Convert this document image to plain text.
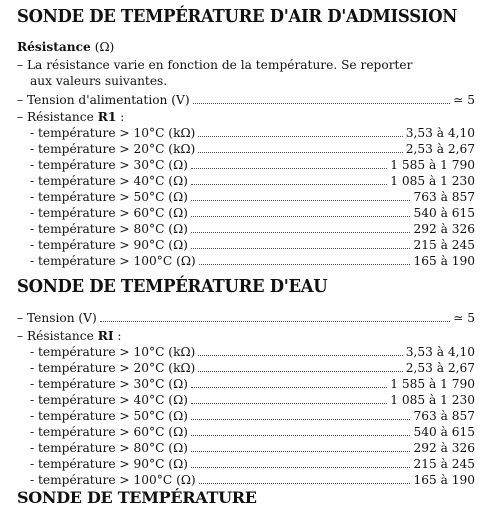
SONDE DE TEMPÉRATURE D'AIR D'ADMISSION
Résistance (Ω)
– La résistance varie en fonction de la température. Se reporter
aux valeurs suivantes.
– Tension d'alimentation (V)	≃ 5
– Résistance R1 :
- température > 10°C (kΩ)	3,53 à 4,10
- température > 20°C (kΩ)	2,53 à 2,67
- température > 30°C (Ω)	1 585 à 1 790
- température > 40°C (Ω)	1 085 à 1 230
- température > 50°C (Ω)	763 à 857
- température > 60°C (Ω)	540 à 615
- température > 80°C (Ω)	292 à 326
- température > 90°C (Ω)	215 à 245
- température > 100°C (Ω)	165 à 190
SONDE DE TEMPÉRATURE D'EAU
– Tension (V)	≃ 5
– Résistance RI :
- température > 10°C (kΩ)	3,53 à 4,10
- température > 20°C (kΩ)	2,53 à 2,67
- température > 30°C (Ω)	1 585 à 1 790
- température > 40°C (Ω)	1 085 à 1 230
- température > 50°C (Ω)	763 à 857
- température > 60°C (Ω)	540 à 615
- température > 80°C (Ω)	292 à 326
- température > 90°C (Ω)	215 à 245
- température > 100°C (Ω)	165 à 190
SONDE DE TEMPÉRATURE
